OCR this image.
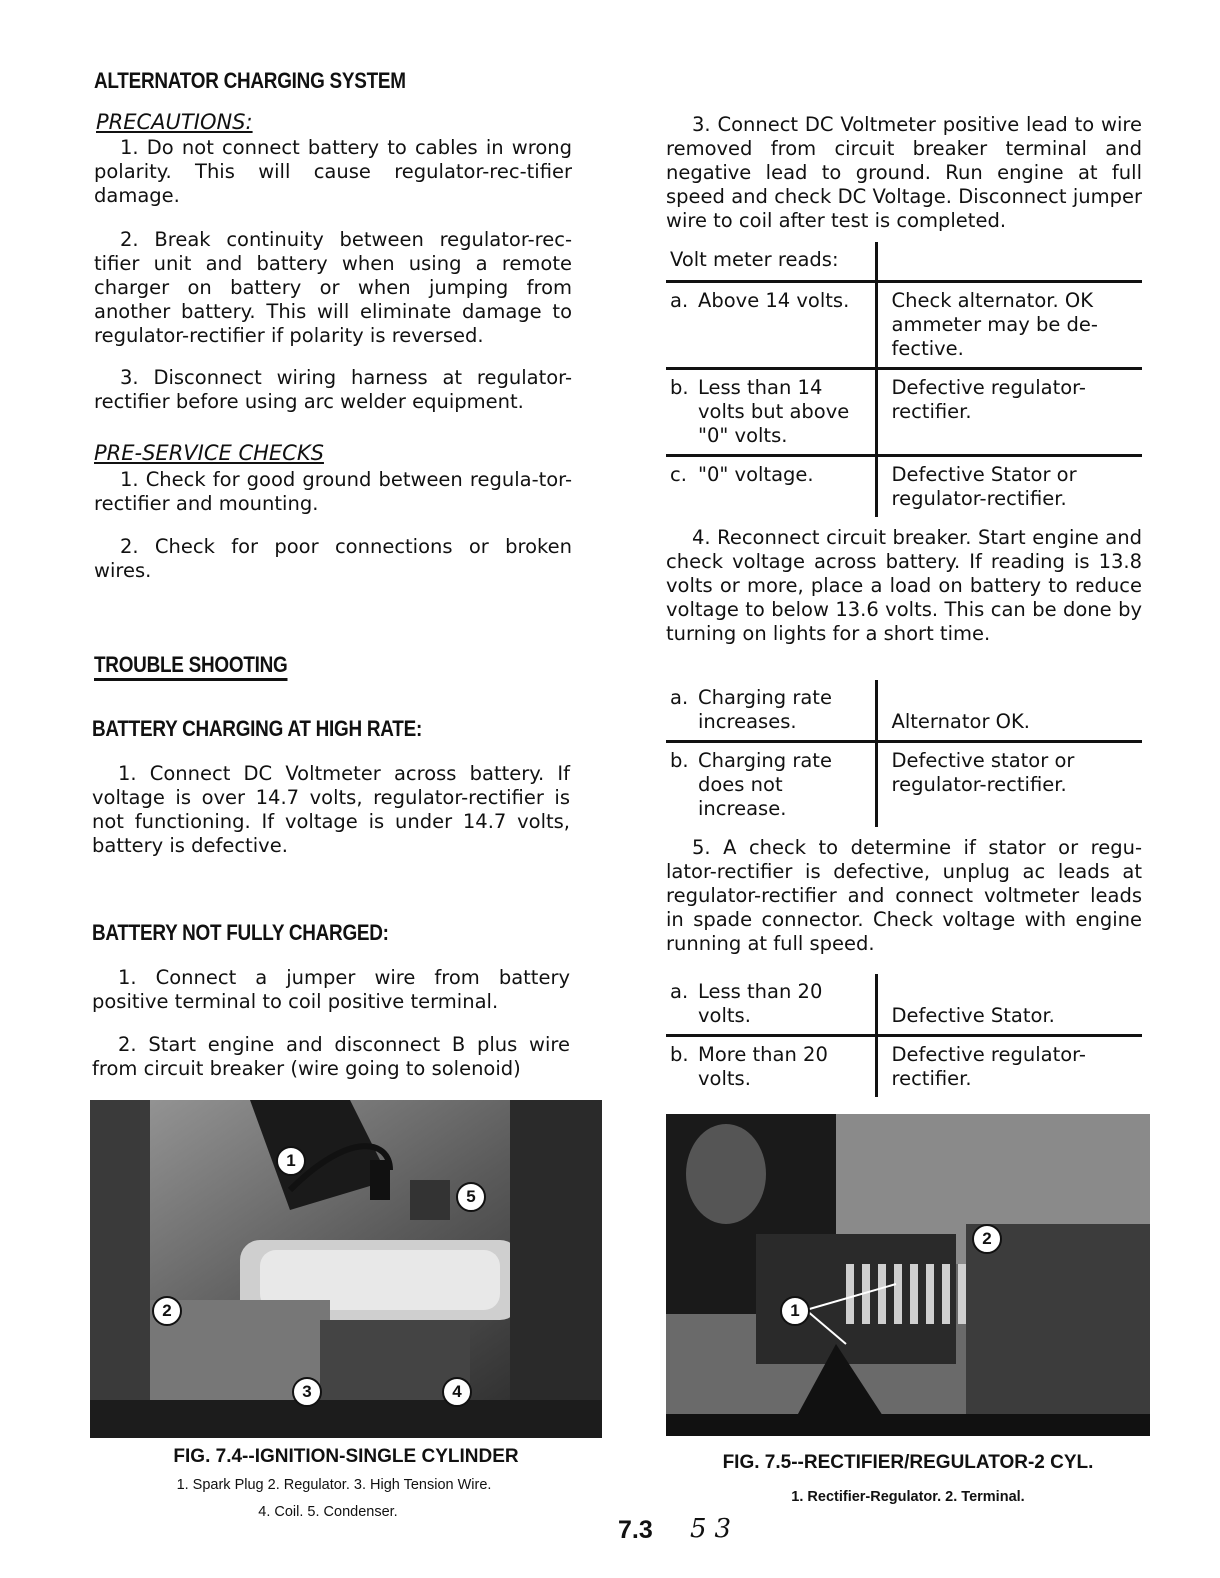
ALTERNATOR CHARGING SYSTEM
PRECAUTIONS:
1. Do not connect battery to cables in wrong polarity. This will cause regulator-rec-tifier damage.
2. Break continuity between regulator-rec-tifier unit and battery when using a remote charger on battery or when jumping from another battery. This will eliminate damage to regulator-rectifier if polarity is reversed.
3. Disconnect wiring harness at regulator-rectifier before using arc welder equipment.
PRE-SERVICE CHECKS
1. Check for good ground between regula-tor-rectifier and mounting.
2. Check for poor connections or broken wires.
TROUBLE SHOOTING
BATTERY CHARGING AT HIGH RATE:
1. Connect DC Voltmeter across battery. If voltage is over 14.7 volts, regulator-rectifier is not functioning. If voltage is under 14.7 volts, battery is defective.
BATTERY NOT FULLY CHARGED:
1. Connect a jumper wire from battery positive terminal to coil positive terminal.
2. Start engine and disconnect B plus wire from circuit breaker (wire going to solenoid)
1
2
3	4
5
FIG. 7.4--IGNITION-SINGLE CYLINDER
1. Spark Plug 2. Regulator. 3. High Tension Wire.
4. Coil. 5. Condenser.
3. Connect DC Voltmeter positive lead to wire removed from circuit breaker terminal and negative lead to ground. Run engine at full speed and check DC Voltage. Disconnect jumper wire to coil after test is completed.
Volt meter reads:	
a. Above 14 volts.	Check alternator. OK ammeter may be de-fective.

b. Less than 14 volts but above "0" volts.	Defective regulator-rectifier.
c. "0" voltage.	Defective Stator or regulator-rectifier.
4. Reconnect circuit breaker. Start engine and check voltage across battery. If reading is 13.8 volts or more, place a load on battery to reduce voltage to below 13.6 volts. This can be done by turning on lights for a short time.
a. Charging rate increases.	Alternator OK.

b. Charging rate does not increase.	Defective stator or regulator-rectifier.
5. A check to determine if stator or regu-lator-rectifier is defective, unplug ac leads at regulator-rectifier and connect voltmeter leads in spade connector. Check voltage with engine running at full speed.
a. Less than 20 volts.	Defective Stator.

b. More than 20 volts.	Defective regulator-rectifier.
1
2
FIG. 7.5--RECTIFIER/REGULATOR-2 CYL.
1. Rectifier-Regulator. 2. Terminal.
7.3 53
